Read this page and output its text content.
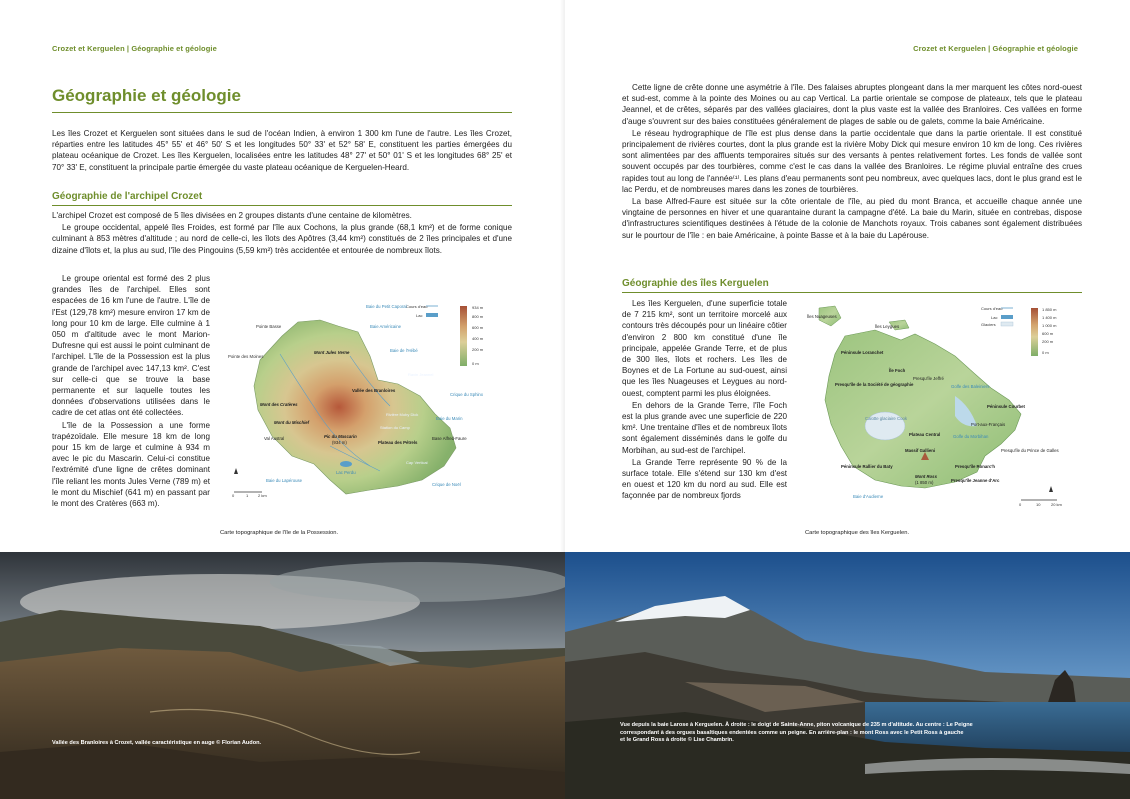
Crozet et Kerguelen | Géographie et géologie
Géographie et géologie

Les îles Crozet et Kerguelen sont situées dans le sud de l'océan Indien, à environ 1 300 km l'une de l'autre. Les îles Crozet, réparties entre les latitudes 45° 55' et 46° 50' S et les longitudes 50° 33' et 52° 58' E, constituent les parties émergées du plateau océanique de Crozet. Les îles Kerguelen, localisées entre les latitudes 48° 27' et 50° 01' S et les longitudes 68° 25' et 70° 33' E, constituent la principale partie émergée du vaste plateau océanique de Kerguelen-Heard.

Géographie de l'archipel Crozet

L'archipel Crozet est composé de 5 îles divisées en 2 groupes distants d'une centaine de kilomètres.

Le groupe occidental, appelé îles Froides, est formé par l'île aux Cochons, la plus grande (68,1 km²) et de forme conique culminant à 853 mètres d'altitude ; au nord de celle-ci, les îlots des Apôtres (3,44 km²) constitués de 2 îles principales et d'une dizaine d'îlots et, la plus au sud, l'île des Pingouins (5,59 km²) très accidentée et entourée de nombreux îlots.

Le groupe oriental est formé des 2 plus grandes îles de l'archipel. Elles sont espacées de 16 km l'une de l'autre. L'île de l'Est (129,78 km²) mesure environ 17 km de long pour 10 km de large. Elle culmine à 1 050 m d'altitude avec le mont Marion-Dufresne qui est aussi le point culminant de l'archipel. L'île de la Possession est la plus grande de l'archipel avec 147,13 km². C'est sur celle-ci que se trouve la base permanente et sur laquelle toutes les données d'observations utilisées dans le cadre de cet atlas ont été collectées.

L'île de la Possession a une forme trapézoïdale. Elle mesure 18 km de long pour 15 km de large et culmine à 934 m avec le pic du Mascarin. Celui-ci constitue l'extrémité d'une ligne de crêtes dominant l'île reliant les monts Jules Verne (789 m) et le mont du Mischief (641 m) en passant par le mont des Cratères (663 m).

Cours d'eau
Lac
934 m
800 m
600 m
400 m
200 m
0 m
Baie du Petit Caporal
Pointe Basse
Pointe des Moines
Mont Jules Verne
Baie Américaine
Baie de l'Hébé
Vallée des Branloires
Mont des Cratères
Mont du Mischief
Val Austral	Pic du Mascarin
(934 m)	Plateau des Pétrels
Base Alfred-Faure
Baie du Marin
Crique du Sphinx
Lac Perdu
Baie du Lapérouse
Crique de Noël
Rivière Moby Dick
Station du Camp
Cap Vertical
Ravin Jeannel
0	1 2 km
Carte topographique de l'île de la Possession.
Crozet et Kerguelen | Géographie et géologie

Cette ligne de crête donne une asymétrie à l'île. Des falaises abruptes plongeant dans la mer marquent les côtes nord-ouest et sud-est, comme à la pointe des Moines ou au cap Vertical. La partie orientale se compose de plateaux, tels que le plateau Jeannel, et de crêtes, séparés par des vallées glaciaires, dont la plus vaste est la vallée des Branloires. Ces vallées en forme d'auge s'ouvrent sur des baies constituées généralement de plages de sable ou de galets, comme la baie Américaine.

Le réseau hydrographique de l'île est plus dense dans la partie occidentale que dans la partie orientale. Il est constitué principalement de rivières courtes, dont la plus grande est la rivière Moby Dick qui mesure environ 10 km de long. Ces rivières sont alimentées par des affluents temporaires situés sur des versants à pentes relativement fortes. Les fonds de vallée sont souvent occupés par des tourbières, comme c'est le cas dans la vallée des Branloires. Le régime pluvial entraîne des crues rapides tout au long de l'année⁽¹⁾. Les plans d'eau permanents sont peu nombreux, avec quelques lacs, dont le plus grand est le lac Perdu, et de nombreuses mares dans les zones de tourbières.

La base Alfred-Faure est située sur la côte orientale de l'île, au pied du mont Branca, et accueille chaque année une vingtaine de personnes en hiver et une quarantaine durant la campagne d'été. La baie du Marin, située en contrebas, dispose d'infrastructures scientifiques destinées à l'étude de la colonie de Manchots royaux. Trois cabanes sont également distribuées sur le pourtour de l'île : en baie Américaine, à pointe Basse et à la baie du Lapérouse.

Géographie des îles Kerguelen

Les îles Kerguelen, d'une superficie totale de 7 215 km², sont un territoire morcelé aux contours très découpés pour un linéaire côtier d'environ 2 800 km constitué d'une île principale, appelée Grande Terre, et de plus de 300 îles, îlots et rochers. Les îles de Boynes et de La Fortune au sud-ouest, ainsi que les îles Nuageuses et Leygues au nord-ouest, comptent parmi les plus éloignées.

En dehors de la Grande Terre, l'île Foch est la plus grande avec une superficie de 220 km². Une trentaine d'îles et de nombreux îlots sont également disséminés dans le golfe du Morbihan, au sud-est de l'archipel.

La Grande Terre représente 90 % de la surface totale. Elle s'étend sur 130 km d'est en ouest et 120 km du nord au sud. Elle est façonnée par de nombreux fjords

Cours d'eau
Lac
Glaciers
1 850 m
1 400 m
1 000 m
600 m
200 m
0 m
Îles Nuageuses
Îles Leygues
Péninsule Loranchet
Île Foch
Presqu'île Jeffré
Presqu'île de la Société de géographie	Golfe des Baleiniers
Calotte glaciaire Cook
Plateau Central
Péninsule Courbet
Port-aux-Français
Golfe du Morbihan
Presqu'île du Prince de Galles
Massif Gallieni
Péninsule Rallier du Baty
Mont Ross
(1 850 m)
Presqu'île Ronarc'h
Presqu'île Jeanne d'Arc
Baie d'Audierne
0	10	20 km
Carte topographique des îles Kerguelen.
Vallée des Branloires à Crozet, vallée caractéristique en auge © Florian Audon.
Vue depuis la baie Larose à Kerguelen. À droite : le doigt de Sainte-Anne, piton volcanique de 235 m d'altitude. Au centre : Le Peigne
correspondant à des orgues basaltiques endentées comme un peigne. En arrière-plan : le mont Ross avec le Petit Ross à gauche
et le Grand Ross à droite © Lise Chambrin.
